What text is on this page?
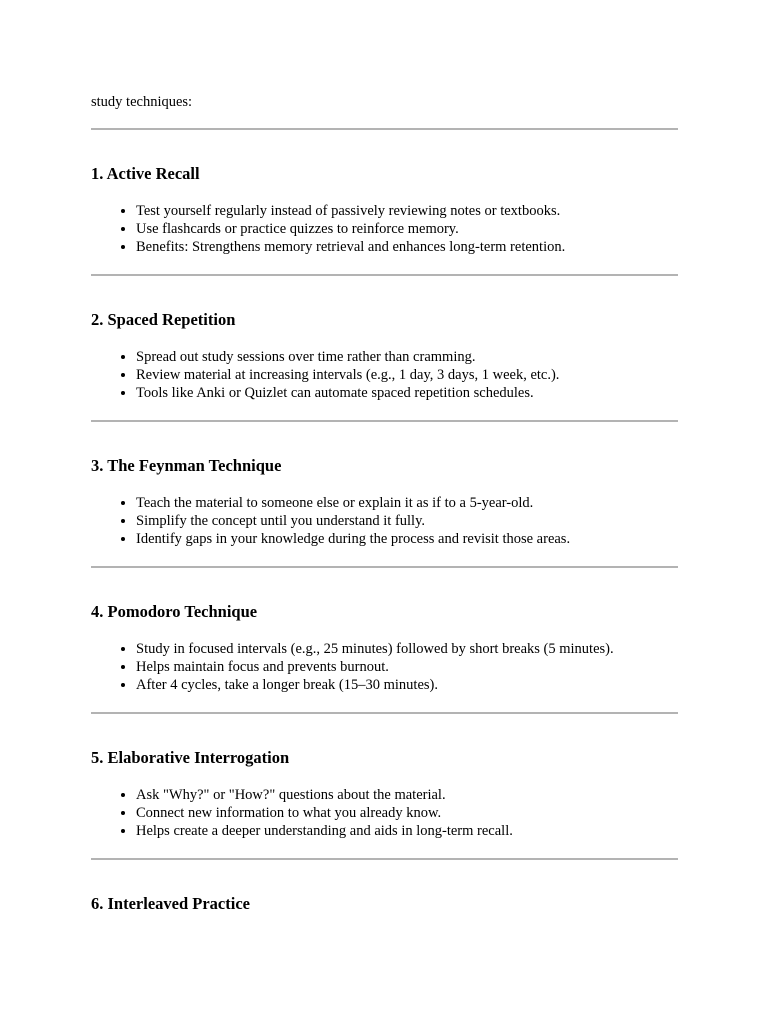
study techniques:

1. Active Recall
• Test yourself regularly instead of passively reviewing notes or textbooks.
• Use flashcards or practice quizzes to reinforce memory.
• Benefits: Strengthens memory retrieval and enhances long-term retention.
2. Spaced Repetition
• Spread out study sessions over time rather than cramming.
• Review material at increasing intervals (e.g., 1 day, 3 days, 1 week, etc.).
• Tools like Anki or Quizlet can automate spaced repetition schedules.
3. The Feynman Technique
• Teach the material to someone else or explain it as if to a 5-year-old.
• Simplify the concept until you understand it fully.
• Identify gaps in your knowledge during the process and revisit those areas.
4. Pomodoro Technique
• Study in focused intervals (e.g., 25 minutes) followed by short breaks (5 minutes).
• Helps maintain focus and prevents burnout.
• After 4 cycles, take a longer break (15–30 minutes).
5. Elaborative Interrogation
• Ask "Why?" or "How?" questions about the material.
• Connect new information to what you already know.
• Helps create a deeper understanding and aids in long-term recall.
6. Interleaved Practice
